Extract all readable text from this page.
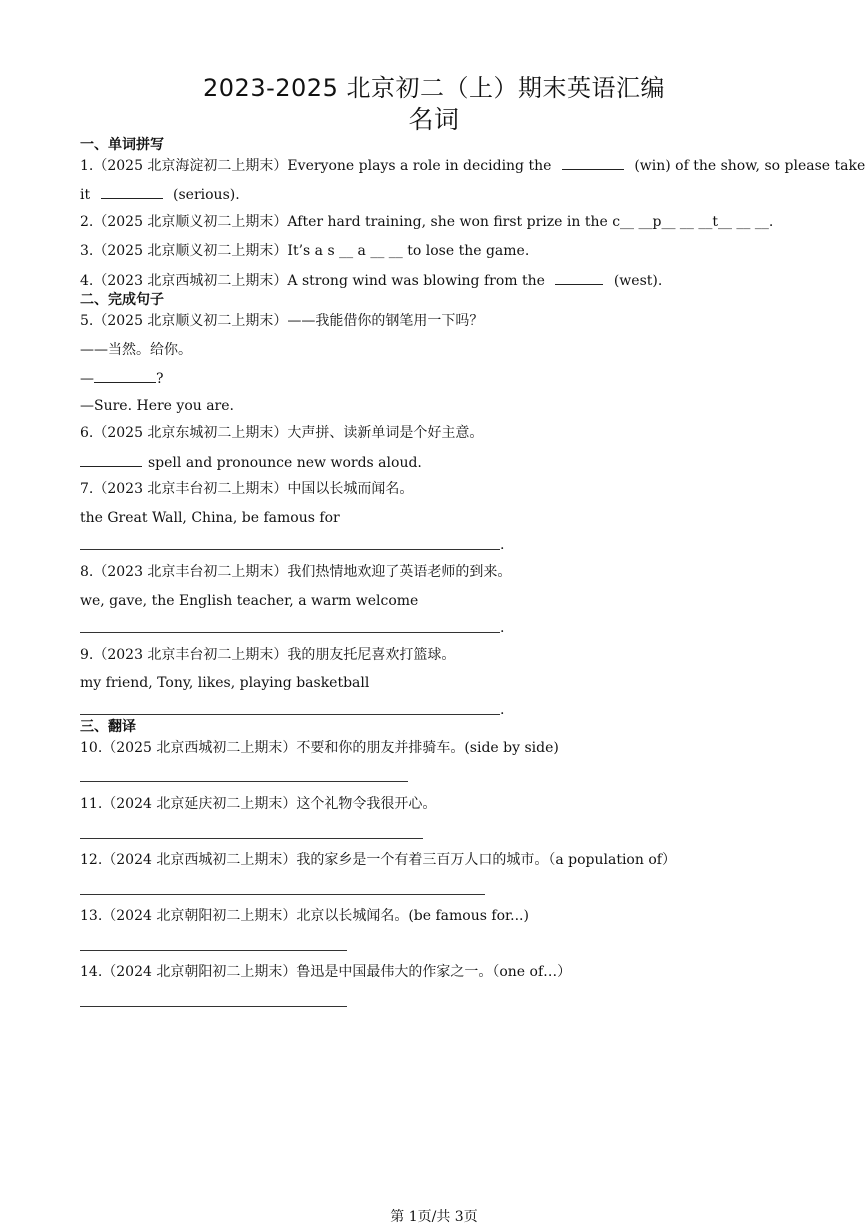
2023-2025 北京初二（上）期末英语汇编
名词
一、单词拼写
1.（2025 北京海淀初二上期末）Everyone plays a role in deciding the	(win) of the show, so please take
it	(serious).
2.（2025 北京顺义初二上期末）After hard training, she won first prize in the c__ __p__ __ __t__ __ __.
3.（2025 北京顺义初二上期末）It’s a s __ a __ __ to lose the game.
4.（2023 北京西城初二上期末）A strong wind was blowing from the	(west).
二、完成句子
5.（2025 北京顺义初二上期末）——我能借你的钢笔用一下吗？
——当然。给你。
—	?
—Sure. Here you are.
6.（2025 北京东城初二上期末）大声拼、读新单词是个好主意。
spell and pronounce new words aloud.
7.（2023 北京丰台初二上期末）中国以长城而闻名。
the Great Wall, China, be famous for
.
8.（2023 北京丰台初二上期末）我们热情地欢迎了英语老师的到来。
we, gave, the English teacher, a warm welcome
.
9.（2023 北京丰台初二上期末）我的朋友托尼喜欢打篮球。
my friend, Tony, likes, playing basketball
.
三、翻译
10.（2025 北京西城初二上期末）不要和你的朋友并排骑车。(side by side)
11.（2024 北京延庆初二上期末）这个礼物令我很开心。
12.（2024 北京西城初二上期末）我的家乡是一个有着三百万人口的城市。（a population of）
13.（2024 北京朝阳初二上期末）北京以长城闻名。(be famous for...)
14.（2024 北京朝阳初二上期末）鲁迅是中国最伟大的作家之一。（one of…）
第 1页/共 3页
